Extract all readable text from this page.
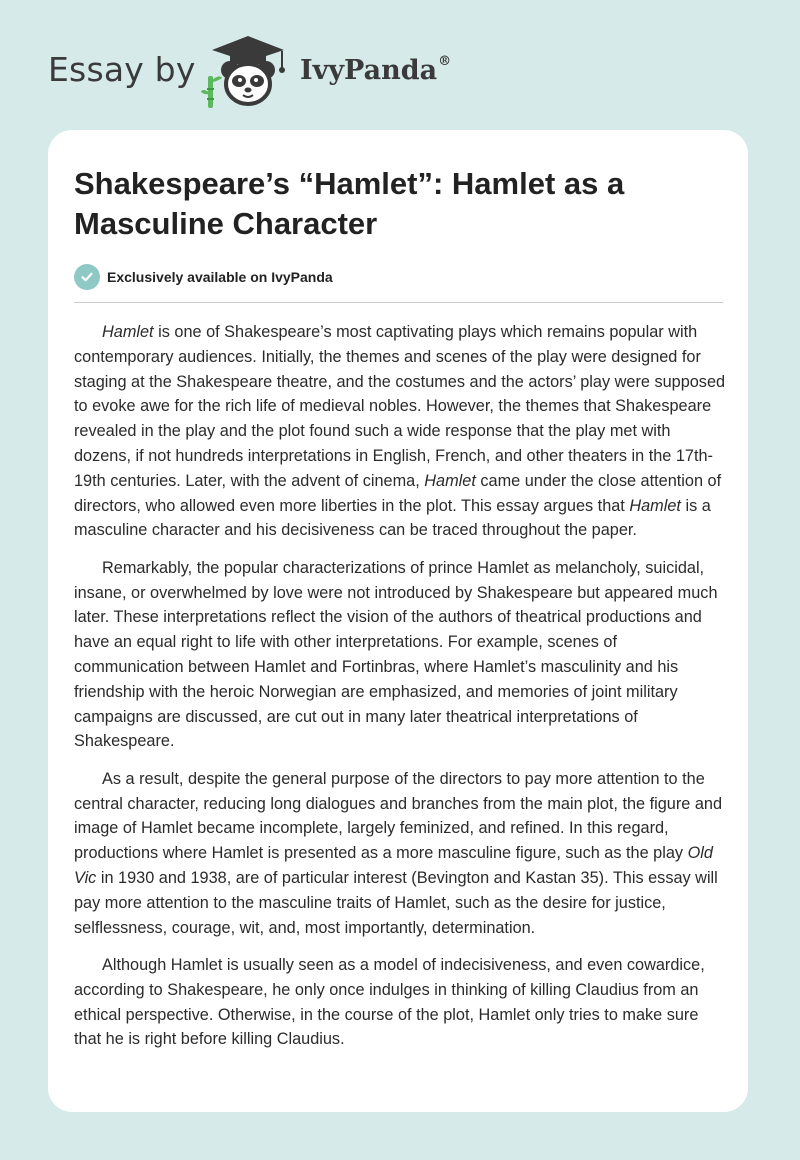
Essay by	IvyPanda®
Shakespeare’s “Hamlet”: Hamlet as a Masculine Character
Exclusively available on IvyPanda

Hamlet is one of Shakespeare’s most captivating plays which remains popular with contemporary audiences. Initially, the themes and scenes of the play were designed for staging at the Shakespeare theatre, and the costumes and the actors’ play were supposed to evoke awe for the rich life of medieval nobles. However, the themes that Shakespeare revealed in the play and the plot found such a wide response that the play met with dozens, if not hundreds interpretations in English, French, and other theaters in the 17th-19th centuries. Later, with the advent of cinema, Hamlet came under the close attention of directors, who allowed even more liberties in the plot. This essay argues that Hamlet is a masculine character and his decisiveness can be traced throughout the paper.

Remarkably, the popular characterizations of prince Hamlet as melancholy, suicidal, insane, or overwhelmed by love were not introduced by Shakespeare but appeared much later. These interpretations reflect the vision of the authors of theatrical productions and have an equal right to life with other interpretations. For example, scenes of communication between Hamlet and Fortinbras, where Hamlet’s masculinity and his friendship with the heroic Norwegian are emphasized, and memories of joint military campaigns are discussed, are cut out in many later theatrical interpretations of Shakespeare.

As a result, despite the general purpose of the directors to pay more attention to the central character, reducing long dialogues and branches from the main plot, the figure and image of Hamlet became incomplete, largely feminized, and refined. In this regard, productions where Hamlet is presented as a more masculine figure, such as the play Old Vic in 1930 and 1938, are of particular interest (Bevington and Kastan 35). This essay will pay more attention to the masculine traits of Hamlet, such as the desire for justice, selflessness, courage, wit, and, most importantly, determination.

Although Hamlet is usually seen as a model of indecisiveness, and even cowardice, according to Shakespeare, he only once indulges in thinking of killing Claudius from an ethical perspective. Otherwise, in the course of the plot, Hamlet only tries to make sure that he is right before killing Claudius.
